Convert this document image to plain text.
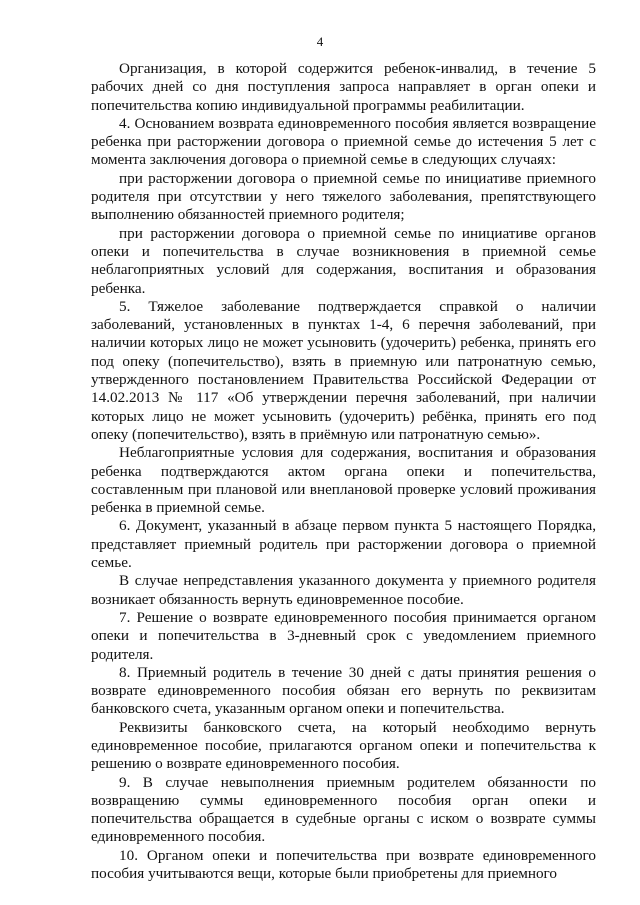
4

Организация, в которой содержится ребенок-инвалид, в течение 5 рабочих дней со дня поступления запроса направляет в орган опеки и попечительства копию индивидуальной программы реабилитации.

4. Основанием возврата единовременного пособия является возвращение ребенка при расторжении договора о приемной семье до истечения 5 лет с момента заключения договора о приемной семье в следующих случаях:

при расторжении договора о приемной семье по инициативе приемного родителя при отсутствии у него тяжелого заболевания, препятствующего выполнению обязанностей приемного родителя;

при расторжении договора о приемной семье по инициативе органов опеки и попечительства в случае возникновения в приемной семье неблагоприятных условий для содержания, воспитания и образования ребенка.

5. Тяжелое заболевание подтверждается справкой о наличии заболеваний, установленных в пунктах 1-4, 6 перечня заболеваний, при наличии которых лицо не может усыновить (удочерить) ребенка, принять его под опеку (попечительство), взять в приемную или патронатную семью, утвержденного постановлением Правительства Российской Федерации от 14.02.2013 № 117 «Об утверждении перечня заболеваний, при наличии которых лицо не может усыновить (удочерить) ребёнка, принять его под опеку (попечительство), взять в приёмную или патронатную семью».

Неблагоприятные условия для содержания, воспитания и образования ребенка подтверждаются актом органа опеки и попечительства, составленным при плановой или внеплановой проверке условий проживания ребенка в приемной семье.

6. Документ, указанный в абзаце первом пункта 5 настоящего Порядка, представляет приемный родитель при расторжении договора о приемной семье.

В случае непредставления указанного документа у приемного родителя возникает обязанность вернуть единовременное пособие.

7. Решение о возврате единовременного пособия принимается органом опеки и попечительства в 3-дневный срок с уведомлением приемного родителя.

8. Приемный родитель в течение 30 дней с даты принятия решения о возврате единовременного пособия обязан его вернуть по реквизитам банковского счета, указанным органом опеки и попечительства.

Реквизиты банковского счета, на который необходимо вернуть единовременное пособие, прилагаются органом опеки и попечительства к решению о возврате единовременного пособия.

9. В случае невыполнения приемным родителем обязанности по возвращению суммы единовременного пособия орган опеки и попечительства обращается в судебные органы с иском о возврате суммы единовременного пособия.

10. Органом опеки и попечительства при возврате единовременного пособия учитываются вещи, которые были приобретены для приемного
